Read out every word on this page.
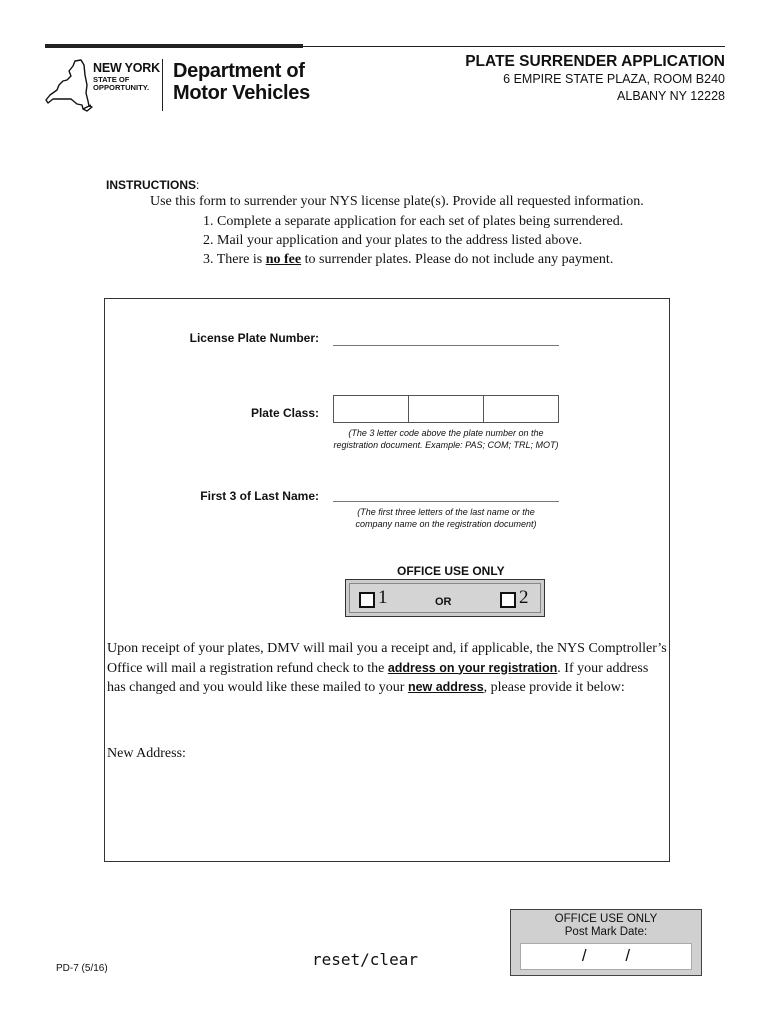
NEW YORK
STATE OF
OPPORTUNITY.
Department of
Motor Vehicles
PLATE SURRENDER APPLICATION
6 EMPIRE STATE PLAZA, ROOM B240
ALBANY NY 12228
INSTRUCTIONS:
Use this form to surrender your NYS license plate(s). Provide all requested information.
1. Complete a separate application for each set of plates being surrendered.
2. Mail your application and your plates to the address listed above.
3. There is no fee to surrender plates. Please do not include any payment.
License Plate Number:
Plate Class:
(The 3 letter code above the plate number on the
registration document. Example: PAS; COM; TRL; MOT)
First 3 of Last Name:
(The first three letters of the last name or the
company name on the registration document)
OFFICE USE ONLY
1	OR	2
Upon receipt of your plates, DMV will mail you a receipt and, if applicable, the NYS Comptroller’s Office will mail a registration refund check to the address on your registration. If your address has changed and you would like these mailed to your new address, please provide it below:
New Address:
OFFICE USE ONLY
Post Mark Date:
/ /
PD-7 (5/16)	reset/clear
